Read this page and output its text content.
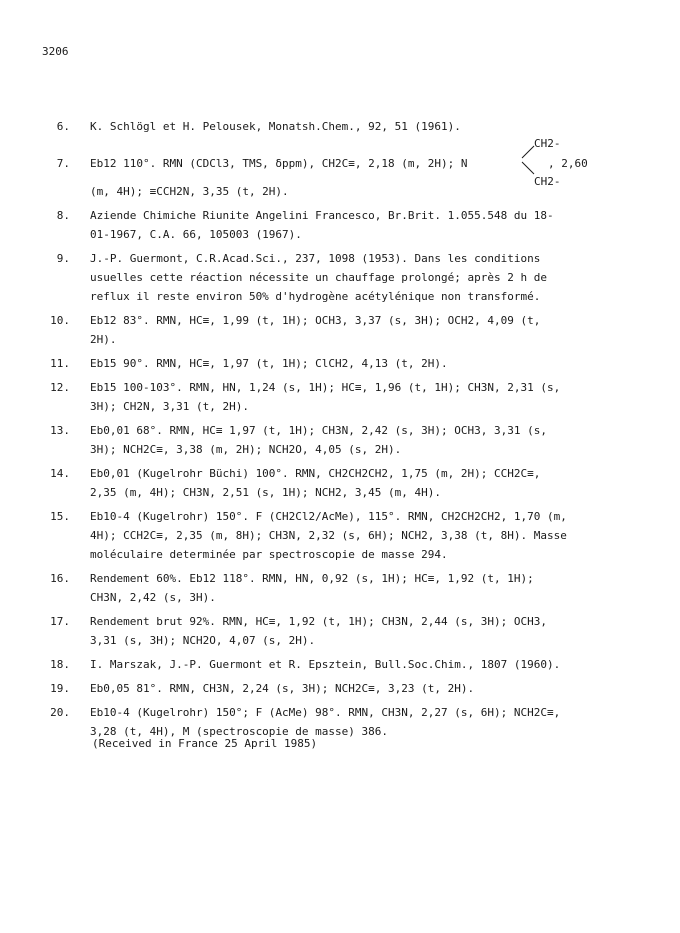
3206
6.	K. Schlögl et H. Pelousek, Monatsh.Chem., 92, 51 (1961).
7.	Eb12 110°. RMN (CDCl3, TMS, δppm), CH2C≡, 2,18 (m, 2H); N
CH2-
, 2,60
CH2-
(m, 4H); ≡CCH2N, 3,35 (t, 2H).
8.	Aziende Chimiche Riunite Angelini Francesco, Br.Brit. 1.055.548 du 18-
01-1967, C.A. 66, 105003 (1967).
9.	J.-P. Guermont, C.R.Acad.Sci., 237, 1098 (1953). Dans les conditions
usuelles cette réaction nécessite un chauffage prolongé; après 2 h de
reflux il reste environ 50% d'hydrogène acétylénique non transformé.
10.	Eb12 83°. RMN, HC≡, 1,99 (t, 1H); OCH3, 3,37 (s, 3H); OCH2, 4,09 (t,
2H).
11.	Eb15 90°. RMN, HC≡, 1,97 (t, 1H); ClCH2, 4,13 (t, 2H).
12.	Eb15 100-103°. RMN, HN, 1,24 (s, 1H); HC≡, 1,96 (t, 1H); CH3N, 2,31 (s,
3H); CH2N, 3,31 (t, 2H).
13.	Eb0,01 68°. RMN, HC≡ 1,97 (t, 1H); CH3N, 2,42 (s, 3H); OCH3, 3,31 (s,
3H); NCH2C≡, 3,38 (m, 2H); NCH2O, 4,05 (s, 2H).
14.	Eb0,01 (Kugelrohr Büchi) 100°. RMN, CH2CH2CH2, 1,75 (m, 2H); CCH2C≡,
2,35 (m, 4H); CH3N, 2,51 (s, 1H); NCH2, 3,45 (m, 4H).
15.	Eb10-4 (Kugelrohr) 150°. F (CH2Cl2/AcMe), 115°. RMN, CH2CH2CH2, 1,70 (m,
4H); CCH2C≡, 2,35 (m, 8H); CH3N, 2,32 (s, 6H); NCH2, 3,38 (t, 8H). Masse
moléculaire determinée par spectroscopie de masse 294.
16.	Rendement 60%. Eb12 118°. RMN, HN, 0,92 (s, 1H); HC≡, 1,92 (t, 1H);
CH3N, 2,42 (s, 3H).
17.	Rendement brut 92%. RMN, HC≡, 1,92 (t, 1H); CH3N, 2,44 (s, 3H); OCH3,
3,31 (s, 3H); NCH2O, 4,07 (s, 2H).
18.	I. Marszak, J.-P. Guermont et R. Epsztein, Bull.Soc.Chim., 1807 (1960).
19.	Eb0,05 81°. RMN, CH3N, 2,24 (s, 3H); NCH2C≡, 3,23 (t, 2H).
20.	Eb10-4 (Kugelrohr) 150°; F (AcMe) 98°. RMN, CH3N, 2,27 (s, 6H); NCH2C≡,
3,28 (t, 4H), M (spectroscopie de masse) 386.
(Received in France 25 April 1985)
